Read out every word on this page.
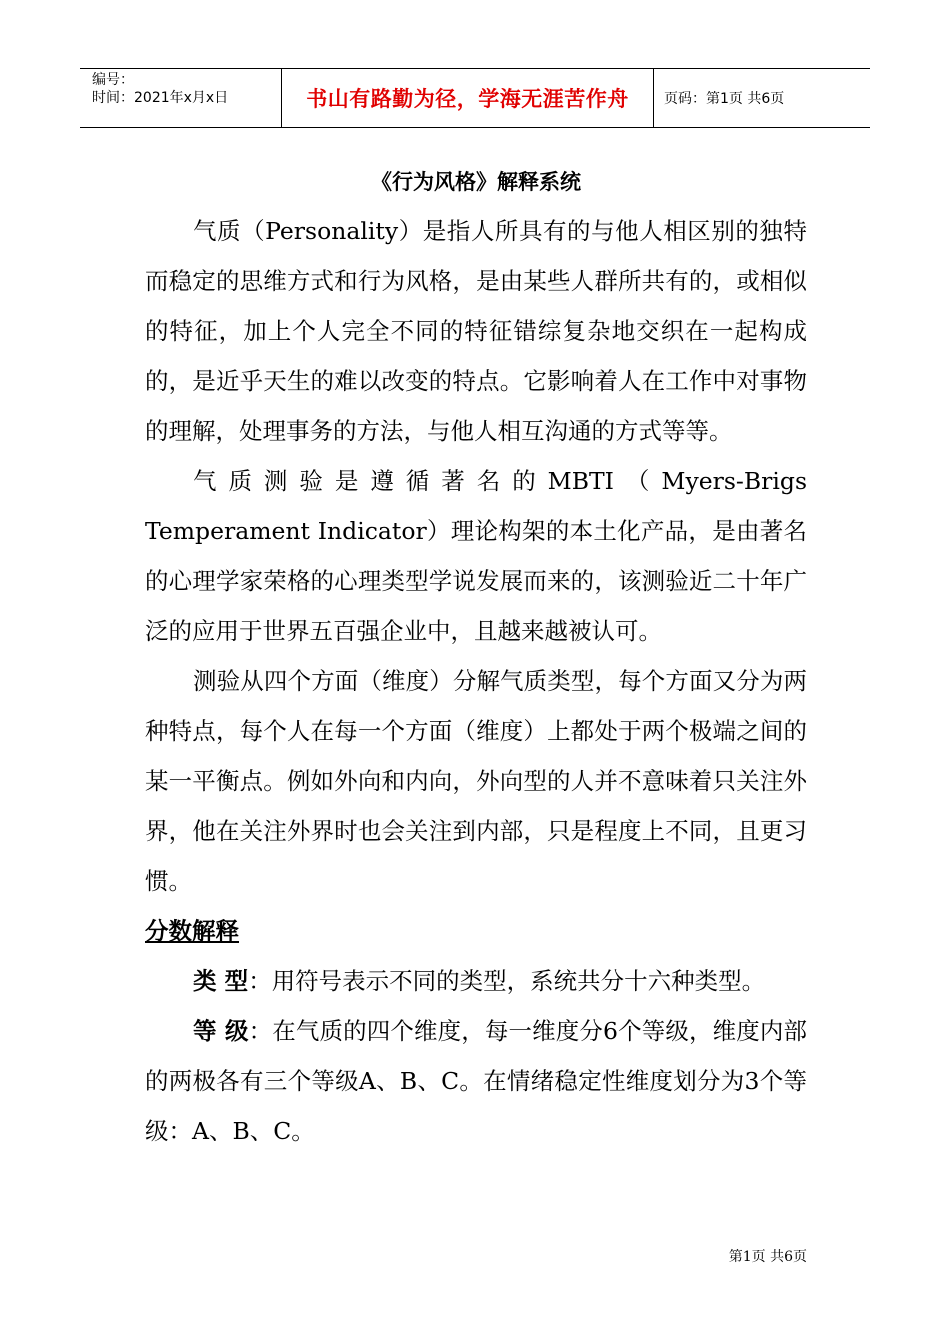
编号：
时间：2021年x月x日	书山有路勤为径，学海无涯苦作舟	页码：第1页 共6页
《行为风格》解释系统

气质（Personality）是指人所具有的与他人相区别的独特而稳定的思维方式和行为风格，是由某些人群所共有的，或相似的特征，加上个人完全不同的特征错综复杂地交织在一起构成的，是近乎天生的难以改变的特点。它影响着人在工作中对事物的理解，处理事务的方法，与他人相互沟通的方式等等。

气质测验是遵循著名的MBTI（Myers-Brigs Temperament Indicator）理论构架的本土化产品，是由著名的心理学家荣格的心理类型学说发展而来的，该测验近二十年广泛的应用于世界五百强企业中，且越来越被认可。

测验从四个方面（维度）分解气质类型，每个方面又分为两种特点，每个人在每一个方面（维度）上都处于两个极端之间的某一平衡点。例如外向和内向，外向型的人并不意味着只关注外界，他在关注外界时也会关注到内部，只是程度上不同，且更习惯。

分数解释

类 型：用符号表示不同的类型，系统共分十六种类型。

等 级：在气质的四个维度，每一维度分6个等级，维度内部的两极各有三个等级A、B、C。在情绪稳定性维度划分为3个等级：A、B、C。

第1页 共6页
